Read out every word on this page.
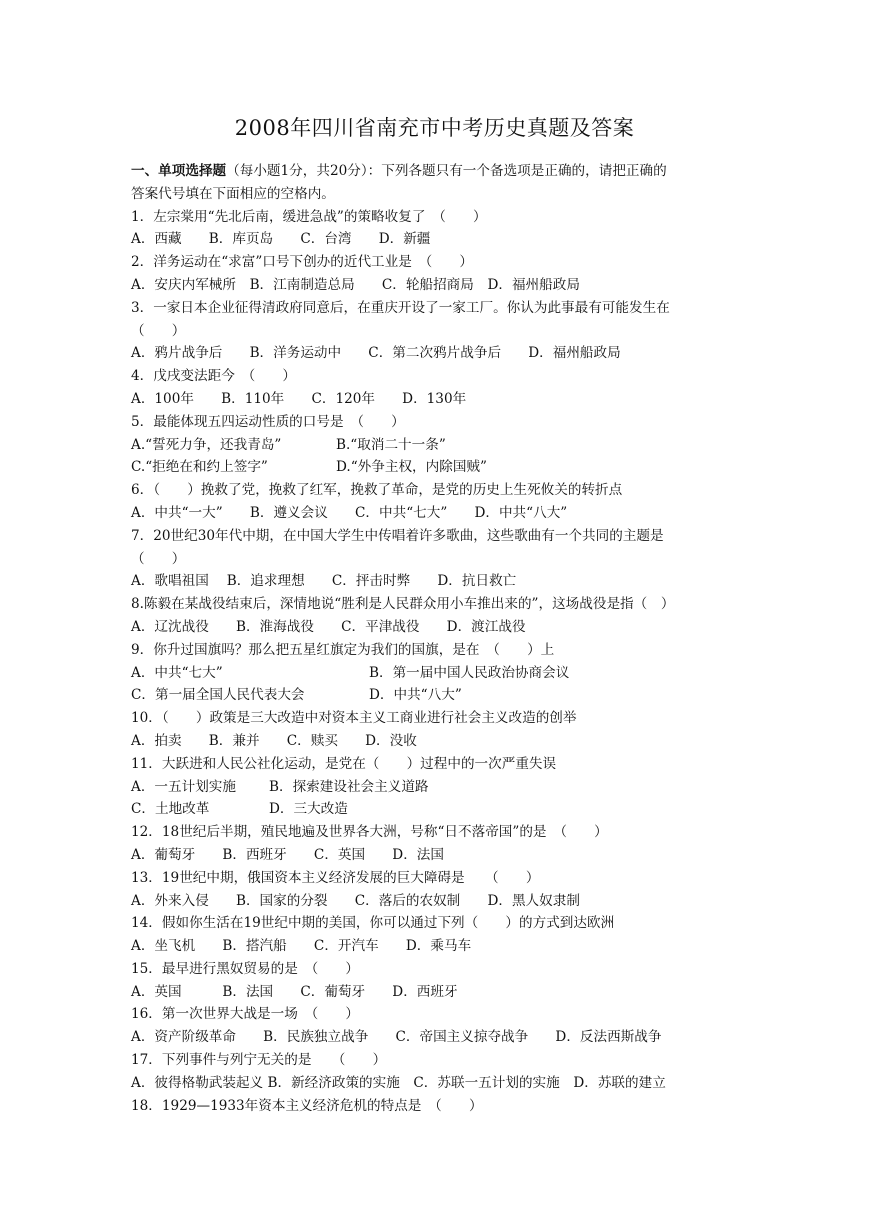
2008年四川省南充市中考历史真题及答案
一、单项选择题（每小题1分，共20分）：下列各题只有一个备选项是正确的，请把正确的
答案代号填在下面相应的空格内。
1．左宗棠用“先北后南，缓进急战”的策略收复了　（　　）
A．西藏　　B．库页岛　　C．台湾　　D．新疆
2．洋务运动在“求富”口号下创办的近代工业是　（　　）
A．安庆内军械所　B．江南制造总局　　C．轮船招商局　D．福州船政局
3．一家日本企业征得清政府同意后，在重庆开设了一家工厂。你认为此事最有可能发生在
（　　）
A．鸦片战争后　　B．洋务运动中　　C．第二次鸦片战争后　　D．福州船政局
4．戊戌变法距今　（　　）
A．100年　　B．110年　　C．120年　　D．130年
5．最能体现五四运动性质的口号是　（　　）
A.“誓死力争，还我青岛”	B.“取消二十一条”
C.“拒绝在和约上签字”	D.“外争主权，内除国贼”
6．（　　）挽救了党，挽救了红军，挽救了革命，是党的历史上生死攸关的转折点
A．中共“一大”　　B．遵义会议　　C．中共“七大”　　D．中共“八大”
7．20世纪30年代中期，在中国大学生中传唱着许多歌曲，这些歌曲有一个共同的主题是
（　　）
A．歌唱祖国　 B．追求理想　　C．抨击时弊　　D．抗日救亡
8.陈毅在某战役结束后，深情地说“胜利是人民群众用小车推出来的”，这场战役是指（　）
A．辽沈战役　　B．淮海战役　　C．平津战役　　D．渡江战役
9．你升过国旗吗？那么把五星红旗定为我们的国旗，是在　（　　）上
A．中共“七大”	B．第一届中国人民政治协商会议
C．第一届全国人民代表大会	D．中共“八大”
10．（　　）政策是三大改造中对资本主义工商业进行社会主义改造的创举
A．拍卖　　B．兼并　　C．赎买　　D．没收
11．大跃进和人民公社化运动，是党在（　　）过程中的一次严重失误
A．一五计划实施 B．探索建设社会主义道路
C．土地改革	D．三大改造
12．18世纪后半期，殖民地遍及世界各大洲，号称“日不落帝国”的是　（　　）
A．葡萄牙　　B．西班牙　　C．英国　　D．法国
13．19世纪中期，俄国资本主义经济发展的巨大障碍是　　（　　）
A．外来入侵　　B．国家的分裂　　C．落后的农奴制　　D．黑人奴隶制
14．假如你生活在19世纪中期的美国，你可以通过下列（　　）的方式到达欧洲
A．坐飞机　　B．搭汽船　　C．开汽车　　D．乘马车
15．最早进行黑奴贸易的是　（　　）
A．英国　　　B．法国　　C．葡萄牙　　D．西班牙
16．第一次世界大战是一场　（　　）
A．资产阶级革命　　B．民族独立战争　　C．帝国主义掠夺战争　　D．反法西斯战争
17．下列事件与列宁无关的是　　（　　）
A．彼得格勒武装起义 B．新经济政策的实施　C．苏联一五计划的实施　D．苏联的建立
18．1929—1933年资本主义经济危机的特点是　（　　）
